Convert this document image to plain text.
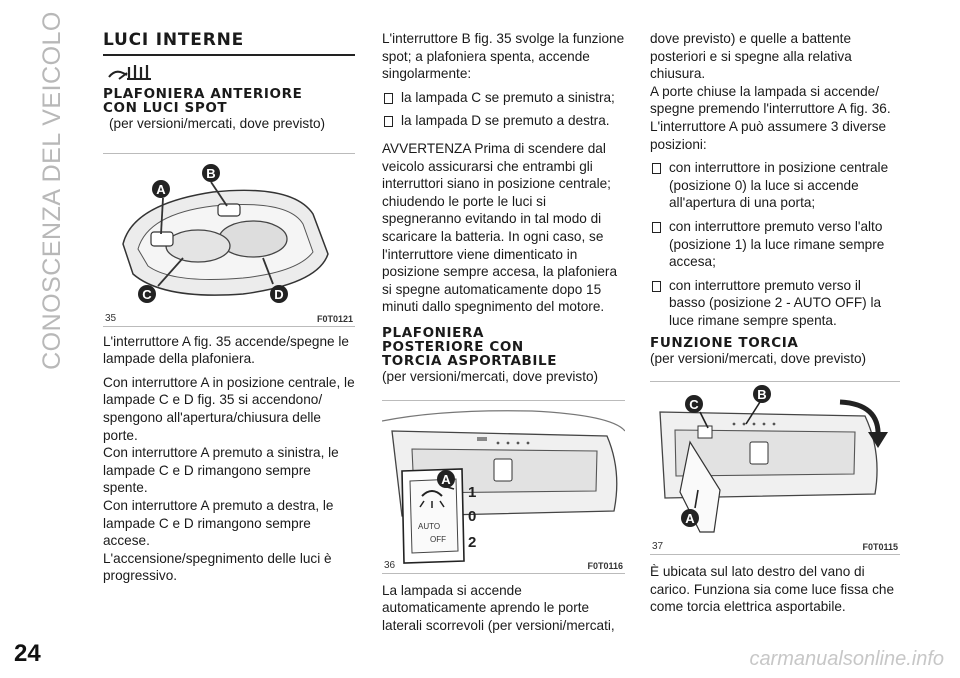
CONOSCENZA DEL VEICOLO
24	carmanualsonline.info
LUCI INTERNE
PLAFONIERA ANTERIORE
CON LUCI SPOT

(per versioni/mercati, dove previsto)

A
B
C	D
35	F0T0121

L'interruttore A fig. 35 accende/spegne le lampade della plafoniera.

Con interruttore A in posizione centrale, le lampade C e D fig. 35 si accendono/ spengono all'apertura/chiusura delle porte.

Con interruttore A premuto a sinistra, le lampade C e D rimangono sempre spente.

Con interruttore A premuto a destra, le lampade C e D rimangono sempre accese.

L'accensione/spegnimento delle luci è progressivo.

L'interruttore B fig. 35 svolge la funzione spot; a plafoniera spenta, accende singolarmente:

la lampada C se premuto a sinistra;

la lampada D se premuto a destra.

AVVERTENZA Prima di scendere dal veicolo assicurarsi che entrambi gli interruttori siano in posizione centrale; chiudendo le porte le luci si spegneranno evitando in tal modo di scaricare la batteria. In ogni caso, se l'interruttore viene dimenticato in posizione sempre accesa, la plafoniera si spegne automaticamente dopo 15 minuti dallo spegnimento del motore.

PLAFONIERA
POSTERIORE CON
TORCIA ASPORTABILE

(per versioni/mercati, dove previsto)

AUTO
OFF
A
1
0
2
36	F0T0116

La lampada si accende automaticamente aprendo le porte laterali scorrevoli (per versioni/mercati,

dove previsto) e quelle a battente posteriori e si spegne alla relativa chiusura.

A porte chiuse la lampada si accende/ spegne premendo l'interruttore A fig. 36.

L'interruttore A può assumere 3 diverse posizioni:

con interruttore in posizione centrale (posizione 0) la luce si accende all'apertura di una porta;

con interruttore premuto verso l'alto (posizione 1) la luce rimane sempre accesa;

con interruttore premuto verso il basso (posizione 2 - AUTO OFF) la luce rimane sempre spenta.

FUNZIONE TORCIA

(per versioni/mercati, dove previsto)

C
B
A
37	F0T0115

È ubicata sul lato destro del vano di carico. Funziona sia come luce fissa che come torcia elettrica asportabile.
